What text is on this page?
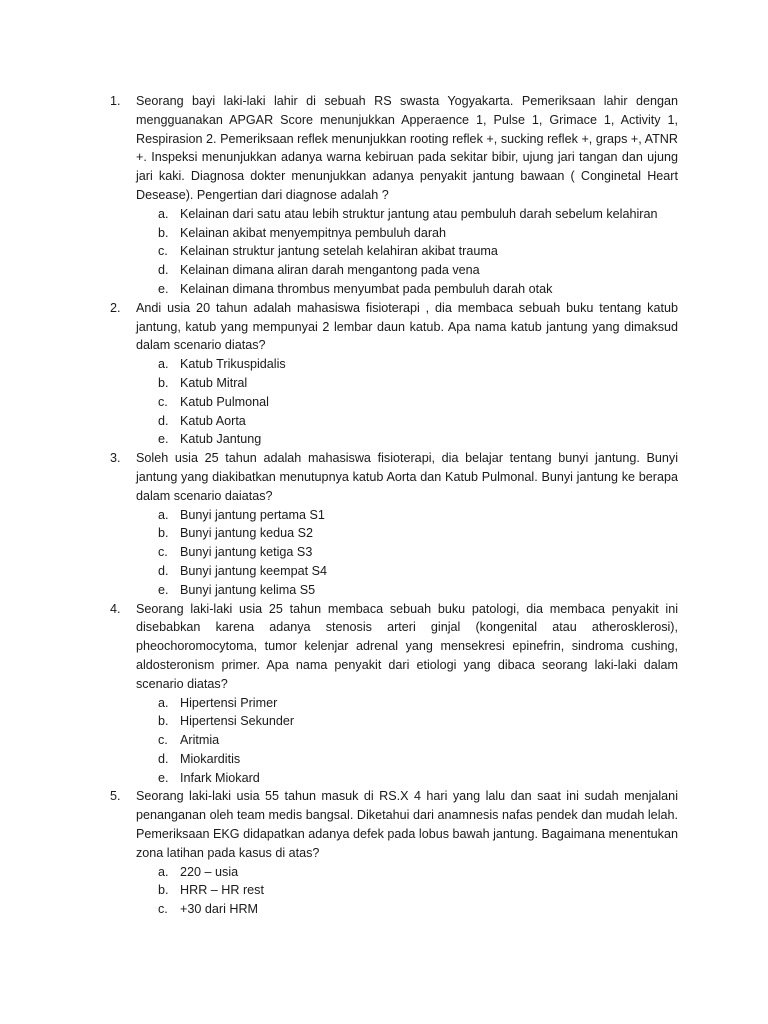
1. Seorang bayi laki-laki lahir di sebuah RS swasta Yogyakarta. Pemeriksaan lahir dengan mengguanakan APGAR Score menunjukkan Apperaence 1, Pulse 1, Grimace 1, Activity 1, Respirasion 2. Pemeriksaan reflek menunjukkan rooting reflek +, sucking reflek +, graps +, ATNR +. Inspeksi menunjukkan adanya warna kebiruan pada sekitar bibir, ujung jari tangan dan ujung jari kaki. Diagnosa dokter menunjukkan adanya penyakit jantung bawaan ( Conginetal Heart Desease). Pengertian dari diagnose adalah ?

a. Kelainan dari satu atau lebih struktur jantung atau pembuluh darah sebelum kelahiran
b. Kelainan akibat menyempitnya pembuluh darah
c. Kelainan struktur jantung setelah kelahiran akibat trauma
d. Kelainan dimana aliran darah mengantong pada vena
e. Kelainan dimana thrombus menyumbat pada pembuluh darah otak
2. Andi usia 20 tahun adalah mahasiswa fisioterapi , dia membaca sebuah buku tentang katub jantung, katub yang mempunyai 2 lembar daun katub. Apa nama katub jantung yang dimaksud dalam scenario diatas?

a. Katub Trikuspidalis
b. Katub Mitral
c. Katub Pulmonal
d. Katub Aorta
e. Katub Jantung
3. Soleh usia 25 tahun adalah mahasiswa fisioterapi, dia belajar tentang bunyi jantung. Bunyi jantung yang diakibatkan menutupnya katub Aorta dan Katub Pulmonal. Bunyi jantung ke berapa dalam scenario daiatas?

a. Bunyi jantung pertama S1
b. Bunyi jantung kedua S2
c. Bunyi jantung ketiga S3
d. Bunyi jantung keempat S4
e. Bunyi jantung kelima S5
4. Seorang laki-laki usia 25 tahun membaca sebuah buku patologi, dia membaca penyakit ini disebabkan karena adanya stenosis arteri ginjal (kongenital atau atherosklerosi), pheochoromocytoma, tumor kelenjar adrenal yang mensekresi epinefrin, sindroma cushing, aldosteronism primer. Apa nama penyakit dari etiologi yang dibaca seorang laki-laki dalam scenario diatas?

a. Hipertensi Primer
b. Hipertensi Sekunder
c. Aritmia
d. Miokarditis
e. Infark Miokard
5. Seorang laki-laki usia 55 tahun masuk di RS.X 4 hari yang lalu dan saat ini sudah menjalani penanganan oleh team medis bangsal. Diketahui dari anamnesis nafas pendek dan mudah lelah. Pemeriksaan EKG didapatkan adanya defek pada lobus bawah jantung. Bagaimana menentukan zona latihan pada kasus di atas?

a. 220 – usia
b. HRR – HR rest
c. +30 dari HRM
